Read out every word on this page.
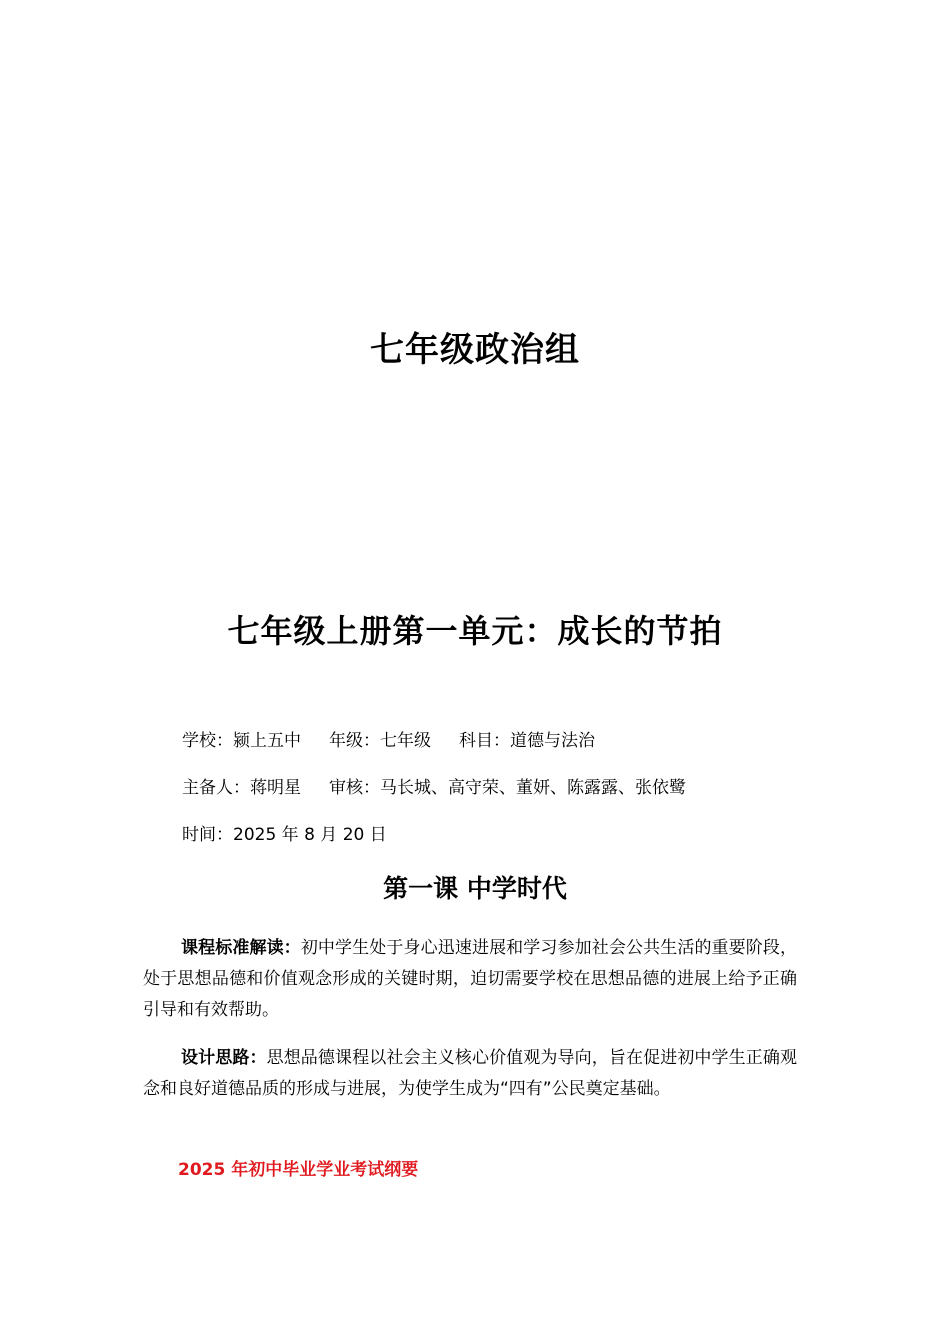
七年级政治组
七年级上册第一单元：成长的节拍
学校：颍上五中 年级：七年级 科目：道德与法治
主备人：蒋明星 审核：马长城、高守荣、董妍、陈露露、张依鹭
时间：2025 年 8 月 20 日
第一课 中学时代
课程标准解读：初中学生处于身心迅速进展和学习参加社会公共生活的重要阶段，处于思想品德和价值观念形成的关键时期，迫切需要学校在思想品德的进展上给予正确引导和有效帮助。
设计思路：思想品德课程以社会主义核心价值观为导向，旨在促进初中学生正确观念和良好道德品质的形成与进展，为使学生成为“四有”公民奠定基础。
2025 年初中毕业学业考试纲要
